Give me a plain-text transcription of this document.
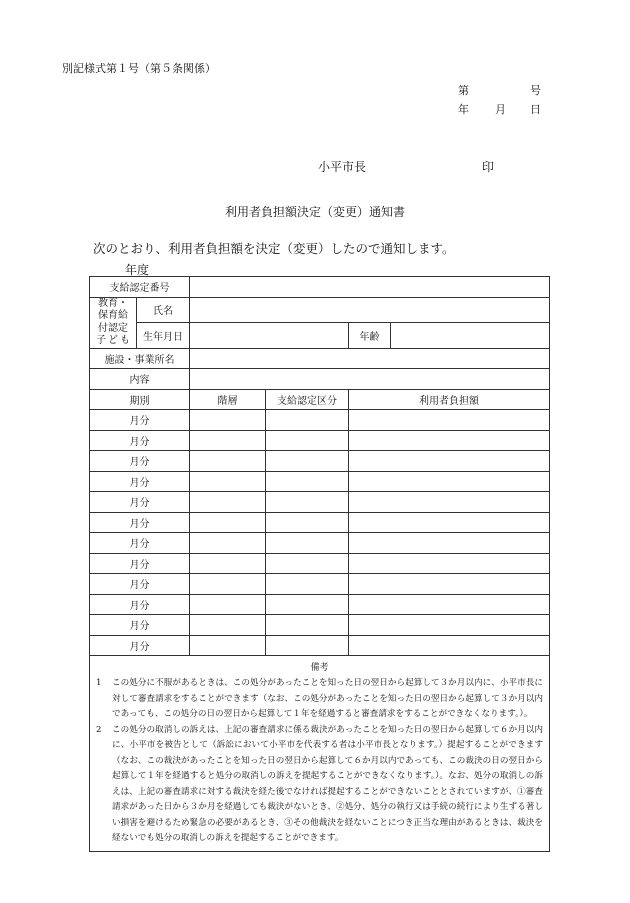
別記様式第１号（第５条関係）
第	号
年 月 日
小平市長	印
利用者負担額決定（変更）通知書
次のとおり、利用者負担額を決定（変更）したので通知します。
年度
支給認定番号					
教育・保育給付認定子ども	氏名				
	生年月日			年齢	
施設・事業所名					
内容					
期別		階層	支給認定区分	利用者負担額	
月分					
月分					
月分					
月分					
月分					
月分					
月分					
月分					
月分					
月分					
月分					
月分					

備考
1 この処分に不服があるときは、この処分があったことを知った日の翌日から起算して３か月以内に、小平市長に対して審査請求をすることができます（なお、この処分があったことを知った日の翌日から起算して３か月以内であっても、この処分の日の翌日から起算して１年を経過すると審査請求をすることができなくなります。）。
2 この処分の取消しの訴えは、上記の審査請求に係る裁決があったことを知った日の翌日から起算して６か月以内に、小平市を被告として（訴訟において小平市を代表する者は小平市長となります。）提起することができます（なお、この裁決があったことを知った日の翌日から起算して６か月以内であっても、この裁決の日の翌日から起算して１年を経過すると処分の取消しの訴えを提起することができなくなります。）。なお、処分の取消しの訴えは、上記の審査請求に対する裁決を経た後でなければ提起することができないこととされていますが、①審査請求があった日から３か月を経過しても裁決がないとき、②処分、処分の執行又は手続の続行により生ずる著しい損害を避けるため緊急の必要があるとき、③その他裁決を経ないことにつき正当な理由があるときは、裁決を経ないでも処分の取消しの訴えを提起することができます。					
